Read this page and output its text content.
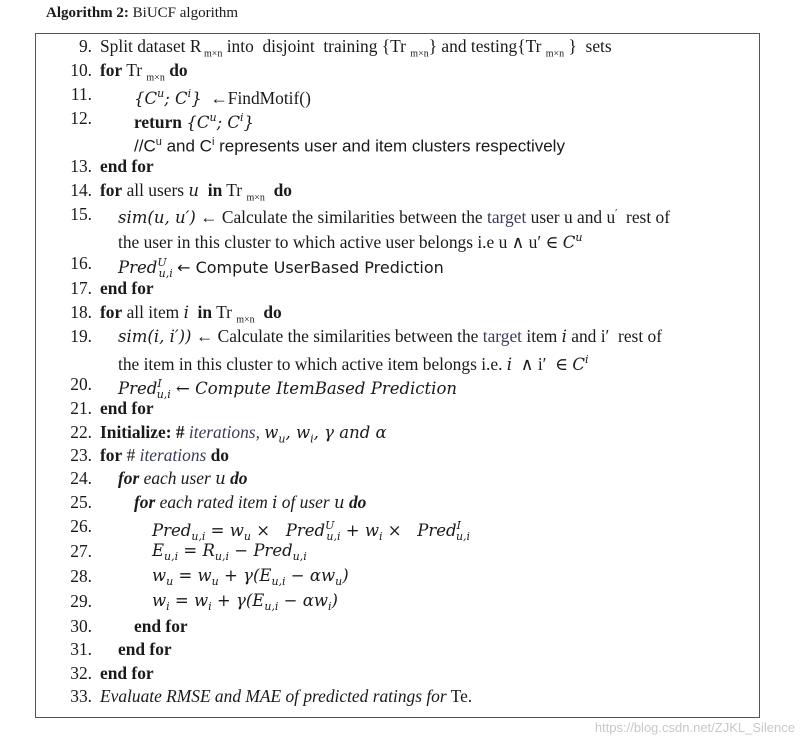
Algorithm 2: BiUCF algorithm
9. Split dataset R $_{m\times n}$ into  disjoint  training {Tr $_{m\times n}$} and testing{Tr $_{m\times n}$ }  sets
10. for Tr $_{m\times n}$ do
11.	{$C^u$; $C^i$} ←FindMotif()
12. return {$C^u$; $C^i$}
$//C^u$ and $C^i$ represents user and item clusters respectively
13. end for
14. for all users u in Tr $_{m\times n}$ do
15. sim(u, u′) ← Calculate the similarities between the target user u and u′  rest of
the user in this cluster to which active user belongs i.e u ∧ u′ ∈ $C^u$
16. Pred$^U_{u,i}$ ← Compute UserBased Prediction
17. end for
18. for all item i in Tr $_{m\times n}$ do
19. sim(i, i′)) ← Calculate the similarities between the target item i and i′  rest of
the item in this cluster to which active item belongs i.e. i  ∧ i′  ∈ $C^i$
20. Pred$^I_{u,i}$ ← Compute ItemBased Prediction
21. end for
22. Initialize: # iterations, $w_u$, $w_i$, γ and α
23. for # iterations do
24. for each user u do
25. for each rated item i of user u do
26.	Pred$_{u,i}$ = $w_u$ ×   Pred$^U_{u,i}$ + $w_i$ ×   Pred$^I_{u,i}$
27.	$E_{u,i} = R_{u,i}$ − Pred$_{u,i}$
28.	$w_u = w_u + \gamma(E_{u,i} - \alpha w_u)$
29.	$w_i = w_i + \gamma(E_{u,i} - \alpha w_i)$
30. end for
31. end for
32. end for
33. Evaluate RMSE and MAE of predicted ratings for Te.
https://blog.csdn.net/ZJKL_Silence
